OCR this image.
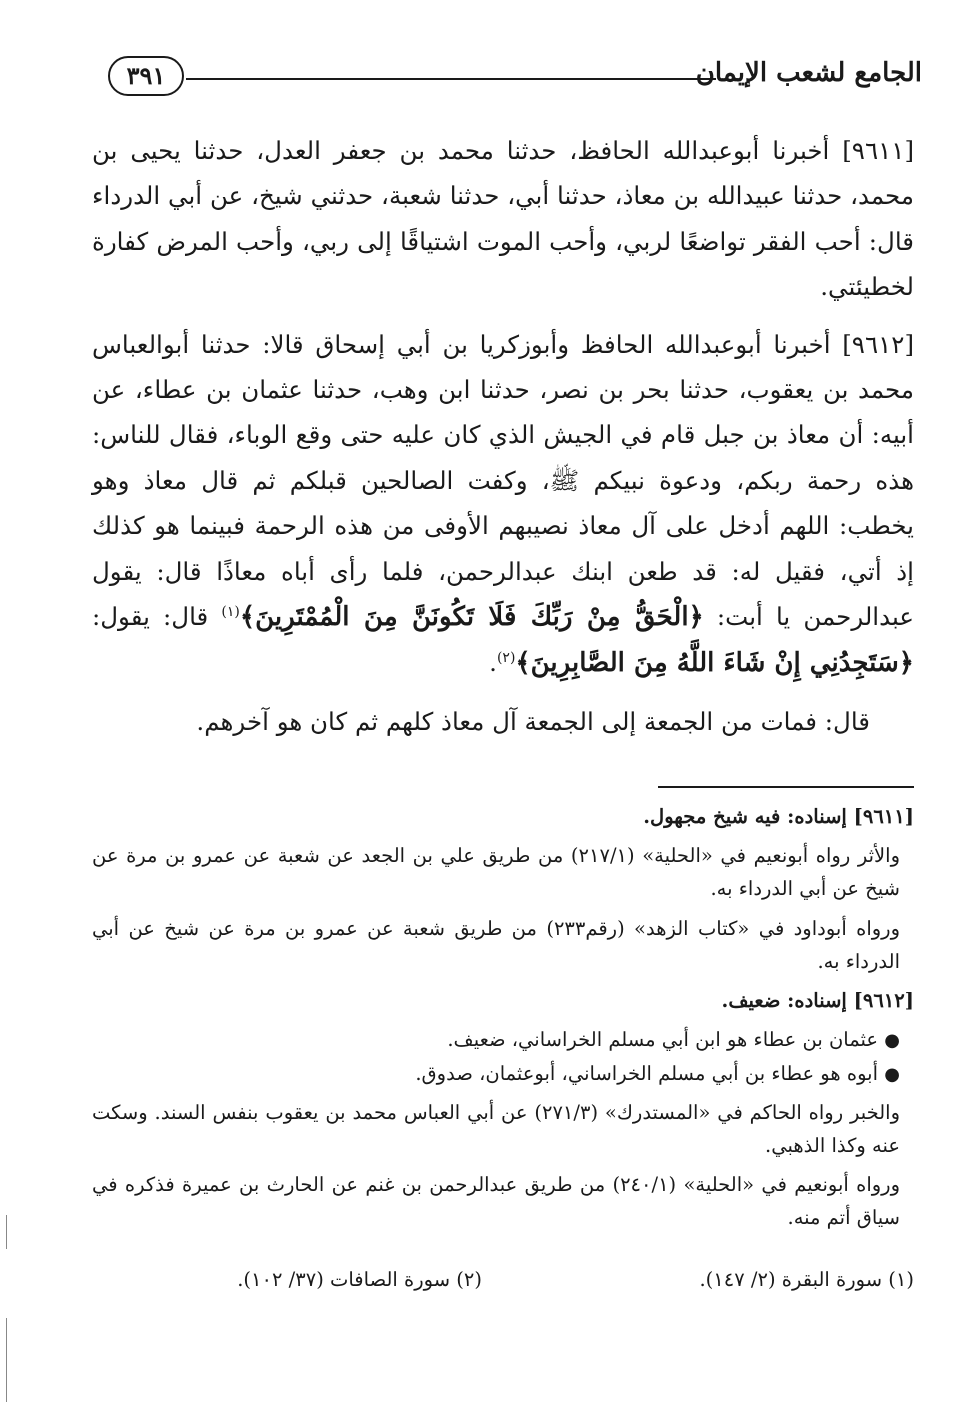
الجامع لشعب الإيمان
٣٩١

[٩٦١١] أخبرنا أبوعبدالله الحافظ، حدثنا محمد بن جعفر العدل، حدثنا يحيى بن محمد، حدثنا عبيدالله بن معاذ، حدثنا أبي، حدثنا شعبة، حدثني شيخ، عن أبي الدرداء قال: أحب الفقر تواضعًا لربي، وأحب الموت اشتياقًا إلى ربي، وأحب المرض كفارة لخطيئتي.

[٩٦١٢] أخبرنا أبوعبدالله الحافظ وأبوزكريا بن أبي إسحاق قالا: حدثنا أبوالعباس محمد بن يعقوب، حدثنا بحر بن نصر، حدثنا ابن وهب، حدثنا عثمان بن عطاء، عن أبيه: أن معاذ بن جبل قام في الجيش الذي كان عليه حتى وقع الوباء، فقال للناس: هذه رحمة ربكم، ودعوة نبيكم ﷺ، وكفت الصالحين قبلكم ثم قال معاذ وهو يخطب: اللهم أدخل على آل معاذ نصيبهم الأوفى من هذه الرحمة فبينما هو كذلك إذ أتي، فقيل له: قد طعن ابنك عبدالرحمن، فلما رأى أباه معاذًا قال: يقول عبدالرحمن يا أبت: ﴿الْحَقُّ مِنْ رَبِّكَ فَلَا تَكُونَنَّ مِنَ الْمُمْتَرِينَ﴾$^{(١)}$ قال: يقول: ﴿سَتَجِدُنِي إِنْ شَاءَ اللَّهُ مِنَ الصَّابِرِينَ﴾$^{(٢)}$.

قال: فمات من الجمعة إلى الجمعة آل معاذ كلهم ثم كان هو آخرهم.

[٩٦١١] إسناده: فيه شيخ مجهول.

والأثر رواه أبونعيم في «الحلية» (٢١٧/١) من طريق علي بن الجعد عن شعبة عن عمرو بن مرة عن شيخ عن أبي الدرداء به.

ورواه أبوداود في «كتاب الزهد» (رقم٢٣٣) من طريق شعبة عن عمرو بن مرة عن شيخ عن أبي الدرداء به.

[٩٦١٢] إسناده: ضعيف.

●عثمان بن عطاء هو ابن أبي مسلم الخراساني، ضعيف.
●أبوه هو عطاء بن أبي مسلم الخراساني، أبوعثمان، صدوق.

والخبر رواه الحاكم في «المستدرك» (٢٧١/٣) عن أبي العباس محمد بن يعقوب بنفس السند. وسكت عنه وكذا الذهبي.

ورواه أبونعيم في «الحلية» (٢٤٠/١) من طريق عبدالرحمن بن غنم عن الحارث بن عميرة فذكره في سياق أتم منه.

(١) سورة البقرة (٢/ ١٤٧).
(٢) سورة الصافات (٣٧/ ١٠٢).
